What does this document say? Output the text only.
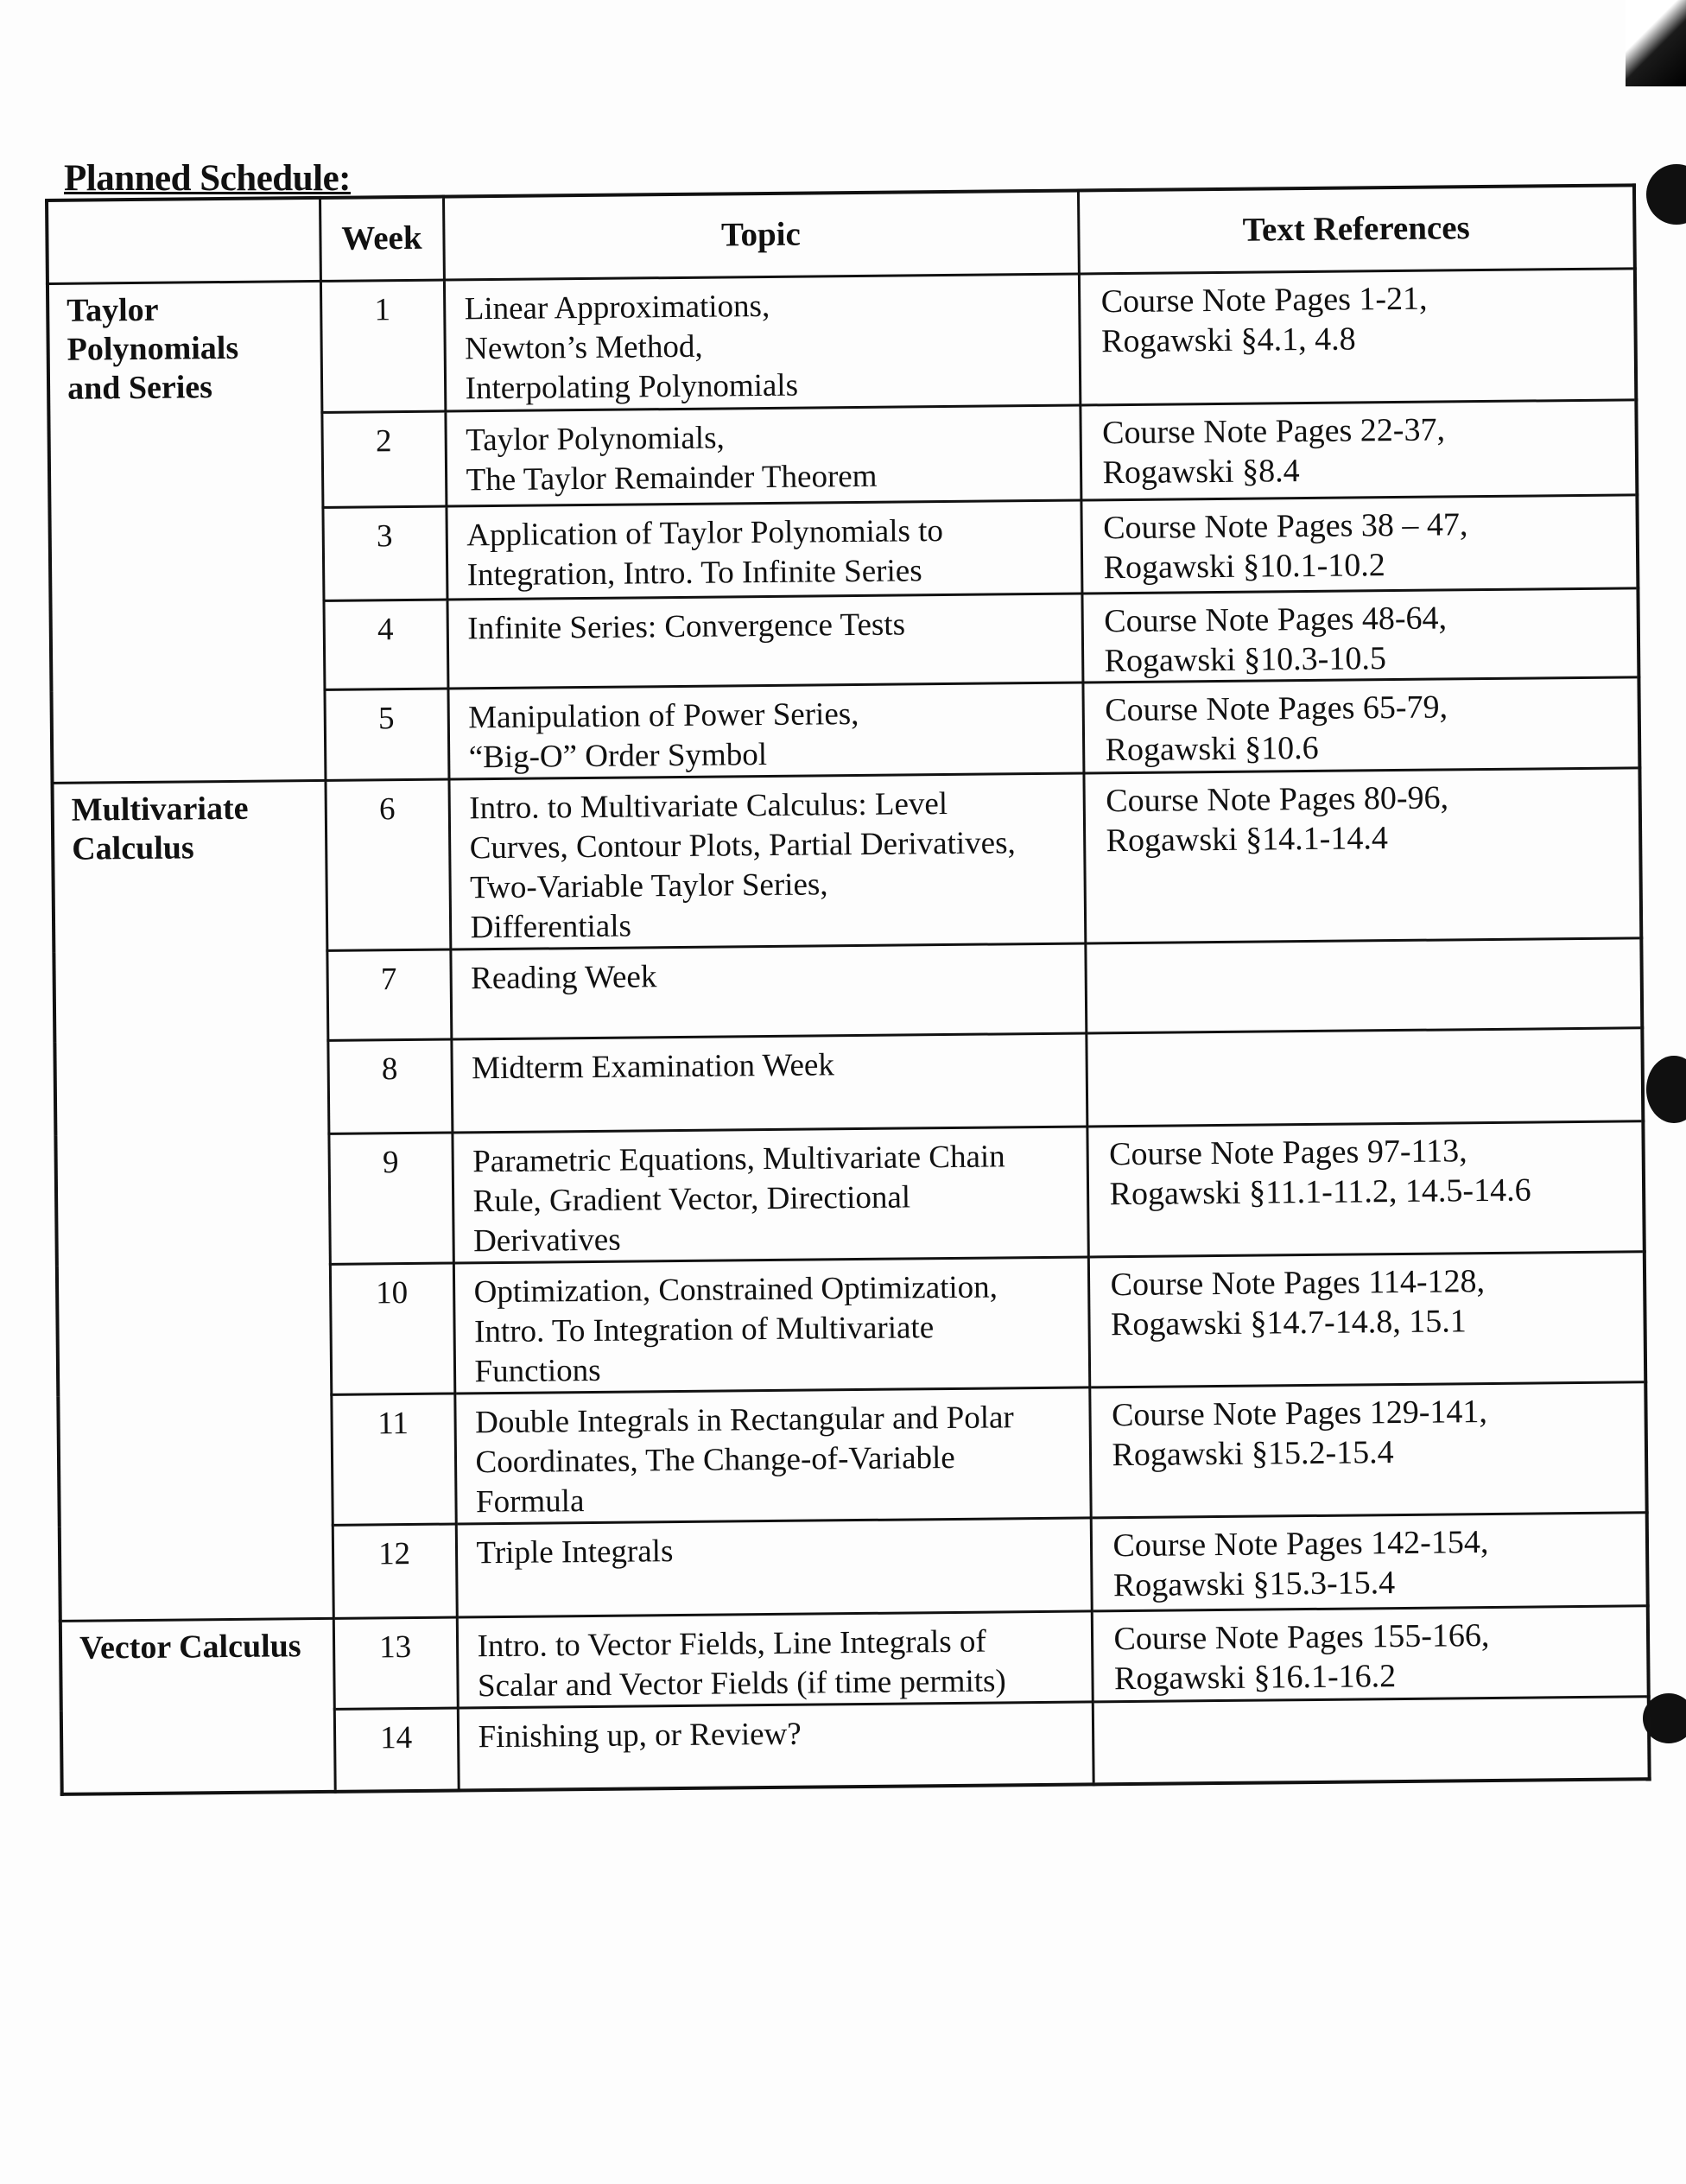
Planned Schedule:
	Week	Topic	Text References

Taylor Polynomials and Series	1	Linear Approximations,
Newton’s Method,
Interpolating Polynomials	Course Note Pages 1-21,
Rogawski §4.1, 4.8
	2	Taylor Polynomials,
The Taylor Remainder Theorem	Course Note Pages 22-37,
Rogawski §8.4
	3	Application of Taylor Polynomials to
Integration, Intro. To Infinite Series	Course Note Pages 38 – 47,
Rogawski §10.1-10.2
	4	Infinite Series: Convergence Tests	Course Note Pages 48-64,
Rogawski §10.3-10.5
	5	Manipulation of Power Series,
“Big-O” Order Symbol	Course Note Pages 65-79,
Rogawski §10.6

Multivariate Calculus	6	Intro. to Multivariate Calculus: Level
Curves, Contour Plots, Partial Derivatives,
Two-Variable Taylor Series,
Differentials	Course Note Pages 80-96,
Rogawski §14.1-14.4
	7	Reading Week	
	8	Midterm Examination Week	
	9	Parametric Equations, Multivariate Chain
Rule, Gradient Vector, Directional
Derivatives	Course Note Pages 97-113,
Rogawski §11.1-11.2, 14.5-14.6
	10	Optimization, Constrained Optimization,
Intro. To Integration of Multivariate
Functions	Course Note Pages 114-128,
Rogawski §14.7-14.8, 15.1
	11	Double Integrals in Rectangular and Polar
Coordinates, The Change-of-Variable
Formula	Course Note Pages 129-141,
Rogawski §15.2-15.4
	12	Triple Integrals	Course Note Pages 142-154,
Rogawski §15.3-15.4

Vector Calculus	13	Intro. to Vector Fields, Line Integrals of
Scalar and Vector Fields (if time permits)	Course Note Pages 155-166,
Rogawski §16.1-16.2
	14	Finishing up, or Review?	
